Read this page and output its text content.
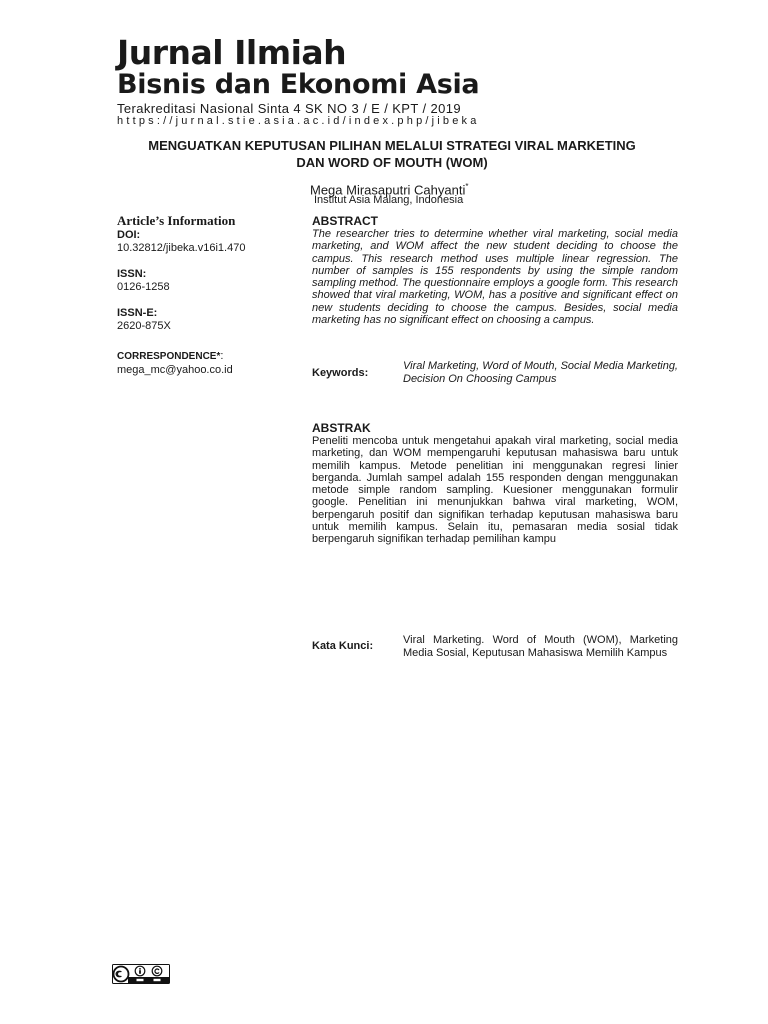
Jurnal Ilmiah
Bisnis dan Ekonomi Asia
Terakreditasi Nasional Sinta 4 SK NO 3 / E / KPT / 2019
https://jurnal.stie.asia.ac.id/index.php/jibeka
MENGUATKAN KEPUTUSAN PILIHAN MELALUI STRATEGI VIRAL MARKETING
DAN WORD OF MOUTH (WOM)
Mega Mirasaputri Cahyanti*
Institut Asia Malang, Indonesia
Article’s Information
DOI:
10.32812/jibeka.v16i1.470
ISSN:
0126-1258
ISSN-E:
2620-875X
CORRESPONDENCE*:
mega_mc@yahoo.co.id
ABSTRACT
The researcher tries to determine whether viral marketing, social media marketing, and WOM affect the new student deciding to choose the campus. This research method uses multiple linear regression. The number of samples is 155 respondents by using the simple random sampling method. The questionnaire employs a google form. This research showed that viral marketing, WOM, has a positive and significant effect on new students deciding to choose the campus. Besides, social media marketing has no significant effect on choosing a campus.
Keywords:
Viral Marketing, Word of Mouth, Social Media Marketing, Decision On Choosing Campus
ABSTRAK
Peneliti mencoba untuk mengetahui apakah viral marketing, social media marketing, dan WOM mempengaruhi keputusan mahasiswa baru untuk memilih kampus. Metode penelitian ini menggunakan regresi linier berganda. Jumlah sampel adalah 155 responden dengan menggunakan metode simple random sampling. Kuesioner menggunakan formulir google. Penelitian ini menunjukkan bahwa viral marketing, WOM, berpengaruh positif dan signifikan terhadap keputusan mahasiswa baru untuk memilih kampus. Selain itu, pemasaran media sosial tidak berpengaruh signifikan terhadap pemilihan kampu
Kata Kunci:	Viral Marketing. Word of Mouth (WOM), Marketing Media Sosial, Keputusan Mahasiswa Memilih Kampus
